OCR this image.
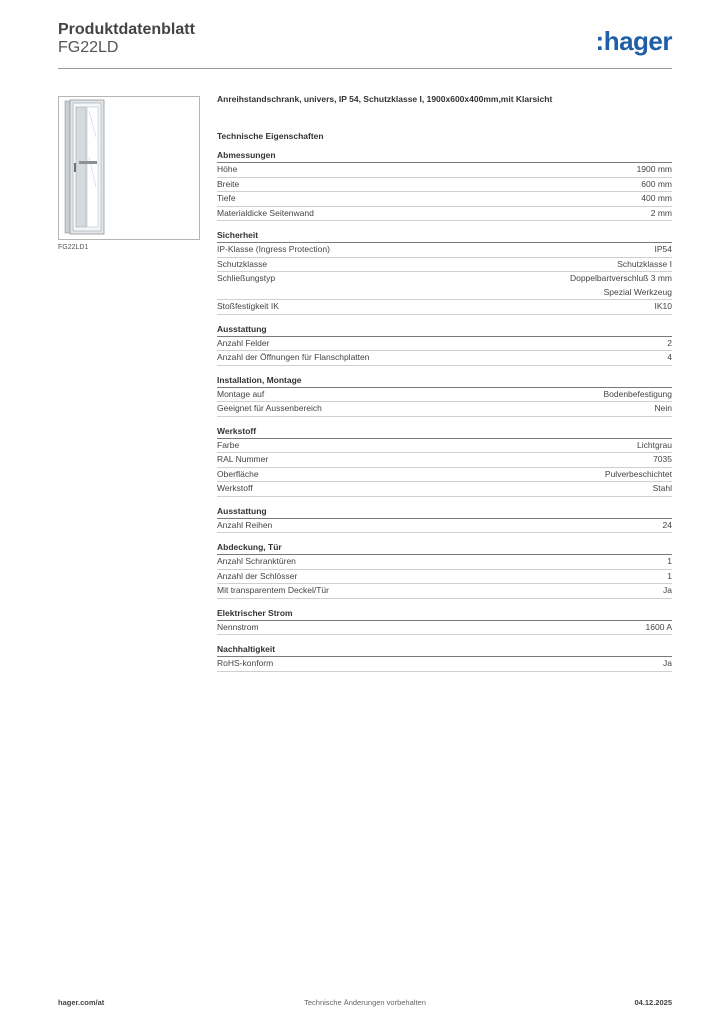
Produktdatenblatt
FG22LD	:hager
FG22LD1
Anreihstandschrank, univers, IP 54, Schutzklasse I, 1900x600x400mm,mit Klarsicht
Technische Eigenschaften
Abmessungen
Höhe	1900 mm
Breite	600 mm
Tiefe	400 mm
Materialdicke Seitenwand	2 mm
Sicherheit
IP-Klasse (Ingress Protection)	IP54
Schutzklasse	Schutzklasse I
Schließungstyp	Doppelbartverschluß 3 mm
Spezial Werkzeug
Stoßfestigkeit IK	IK10
Ausstattung
Anzahl Felder	2
Anzahl der Öffnungen für Flanschplatten	4
Installation, Montage
Montage auf	Bodenbefestigung
Geeignet für Aussenbereich	Nein
Werkstoff
Farbe	Lichtgrau
RAL Nummer	7035
Oberfläche	Pulverbeschichtet
Werkstoff	Stahl
Ausstattung
Anzahl Reihen	24
Abdeckung, Tür
Anzahl Schranktüren	1
Anzahl der Schlösser	1
Mit transparentem Deckel/Tür	Ja
Elektrischer Strom
Nennstrom	1600 A
Nachhaltigkeit
RoHS-konform	Ja
hager.com/at	Technische Änderungen vorbehalten	04.12.2025
